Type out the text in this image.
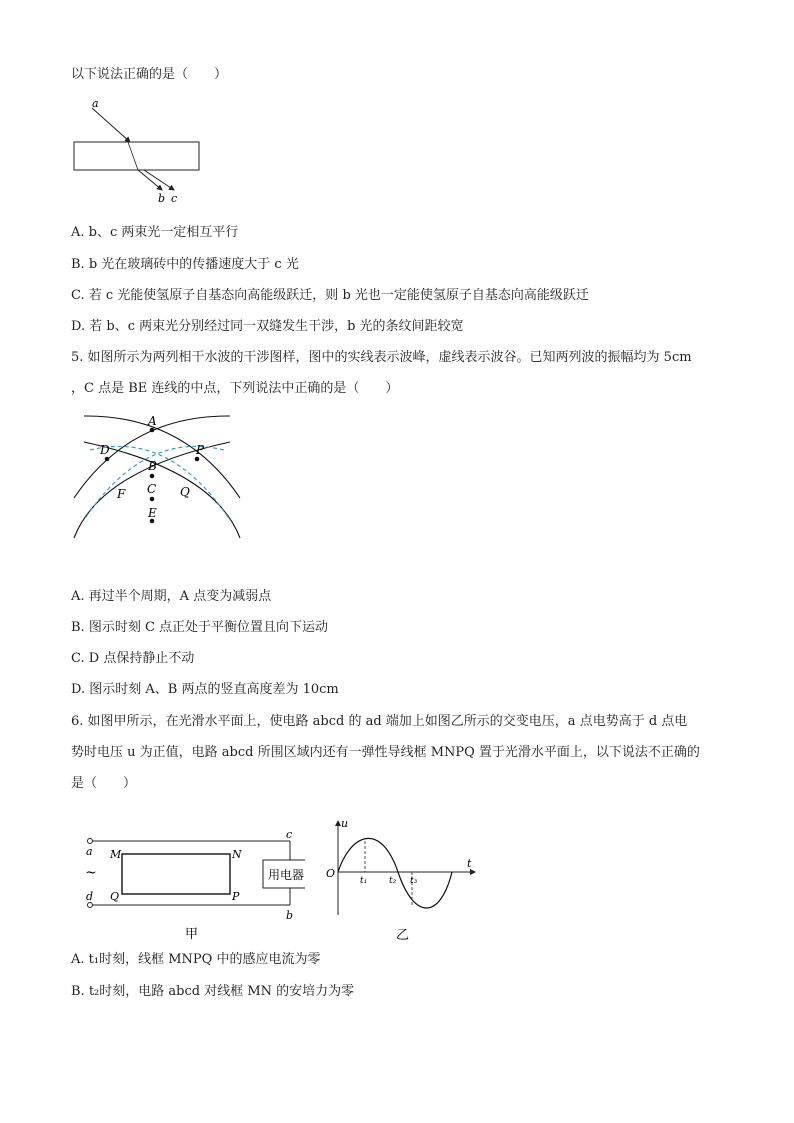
以下说法正确的是（　　）
a
b c
A. b、c 两束光一定相互平行
B. b 光在玻璃砖中的传播速度大于 c 光
C. 若 c 光能使氢原子自基态向高能级跃迁，则 b 光也一定能使氢原子自基态向高能级跃迁
D. 若 b、c 两束光分别经过同一双缝发生干涉，b 光的条纹间距较宽
5. 如图所示为两列相干水波的干涉图样，图中的实线表示波峰，虚线表示波谷。已知两列波的振幅均为 5cm
，C 点是 BE 连线的中点，下列说法中正确的是（　　）
A
D	P
B
F C Q
E
A. 再过半个周期，A 点变为减弱点
B. 图示时刻 C 点正处于平衡位置且向下运动
C. D 点保持静止不动
D. 图示时刻 A、B 两点的竖直高度差为 10cm
6. 如图甲所示，在光滑水平面上，使电路 abcd 的 ad 端加上如图乙所示的交变电压，a 点电势高于 d 点电
势时电压 u 为正值，电路 abcd 所围区域内还有一弹性导线框 MNPQ 置于光滑水平面上，以下说法不正确的
是（　　）
用电器
a
d
c
b
M	N
Q	P
~
甲
u
t
O
t₁ t₂ t₃
乙
A. t₁时刻，线框 MNPQ 中的感应电流为零
B. t₂时刻，电路 abcd 对线框 MN 的安培力为零
